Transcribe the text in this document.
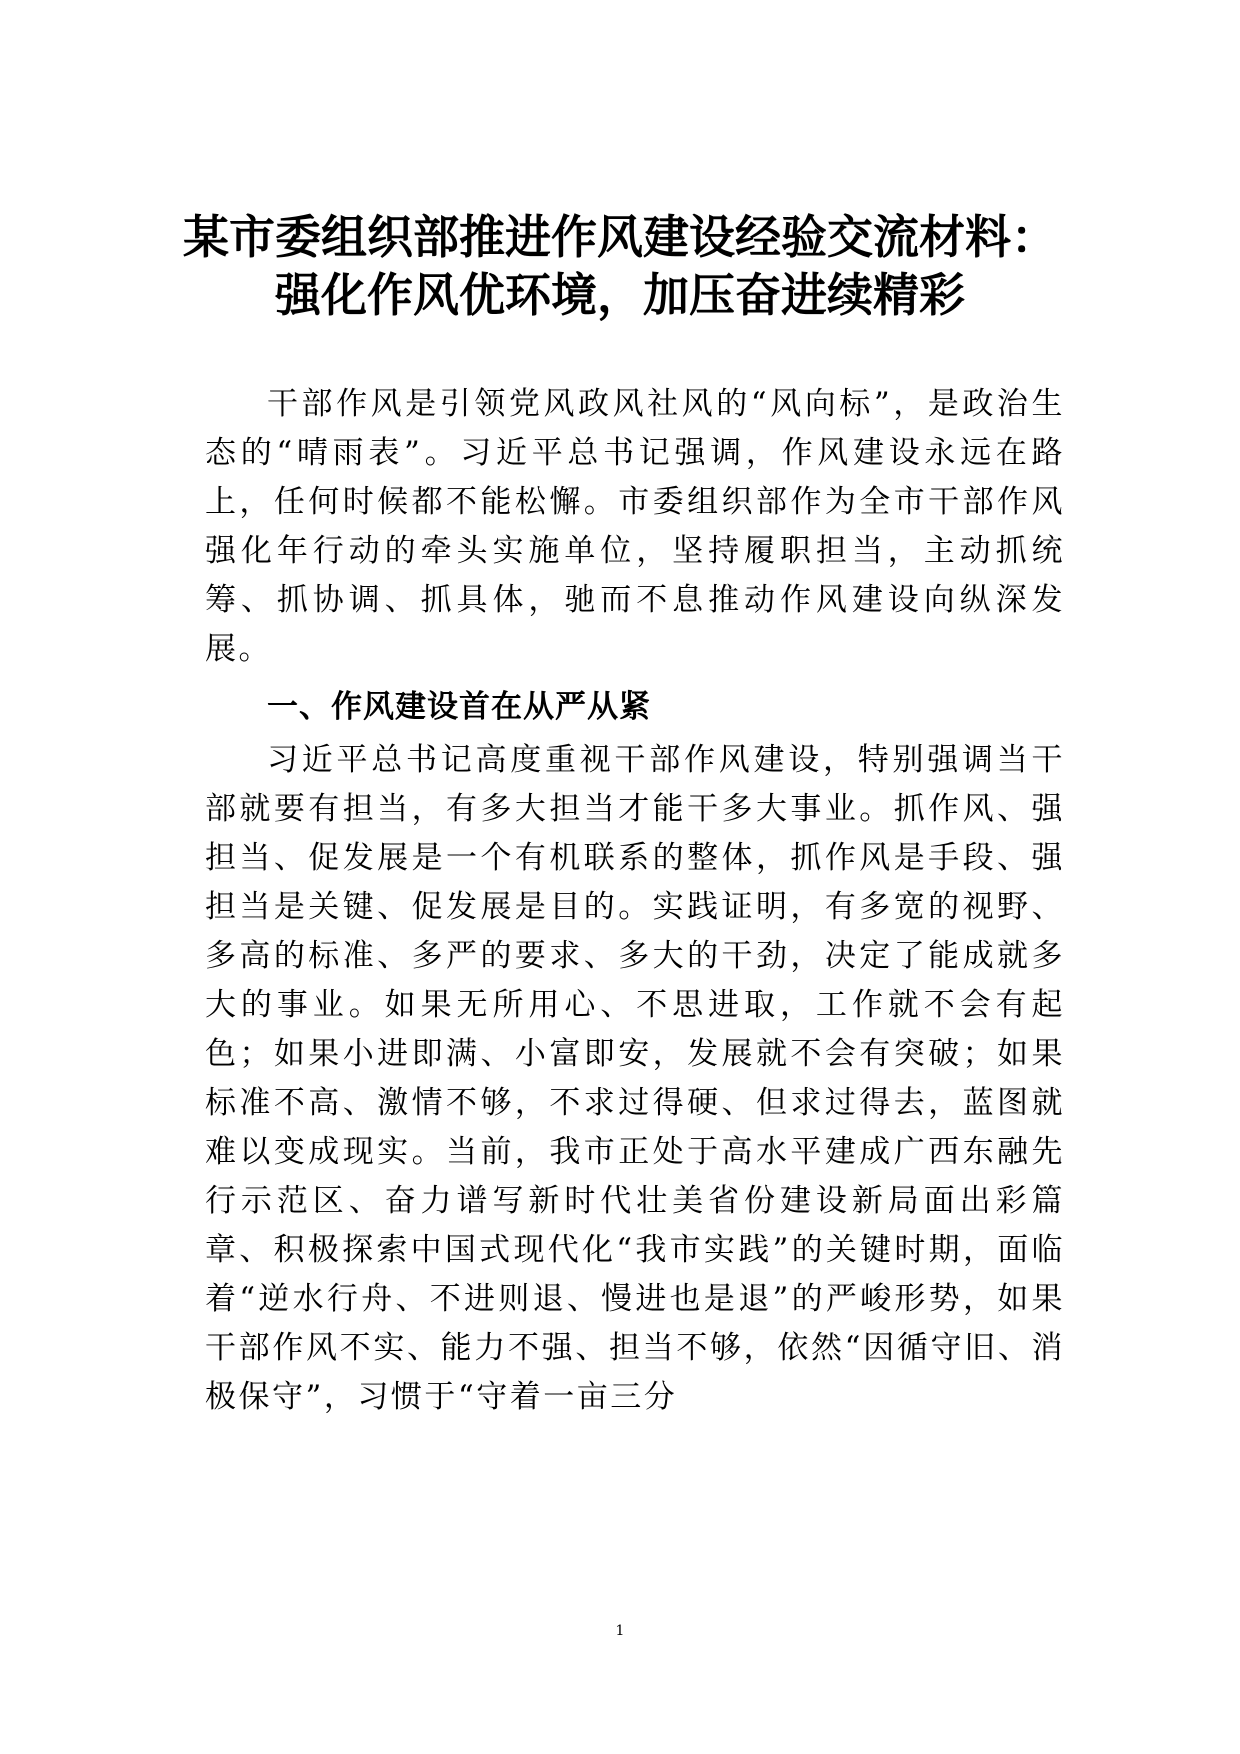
某市委组织部推进作风建设经验交流材料：
强化作风优环境，加压奋进续精彩

干部作风是引领党风政风社风的“风向标”，是政治生态的“晴雨表”。习近平总书记强调，作风建设永远在路上，任何时候都不能松懈。市委组织部作为全市干部作风强化年行动的牵头实施单位，坚持履职担当，主动抓统筹、抓协调、抓具体，驰而不息推动作风建设向纵深发展。

一、作风建设首在从严从紧

习近平总书记高度重视干部作风建设，特别强调当干部就要有担当，有多大担当才能干多大事业。抓作风、强担当、促发展是一个有机联系的整体，抓作风是手段、强担当是关键、促发展是目的。实践证明，有多宽的视野、多高的标准、多严的要求、多大的干劲，决定了能成就多大的事业。如果无所用心、不思进取，工作就不会有起色；如果小进即满、小富即安，发展就不会有突破；如果标准不高、激情不够，不求过得硬、但求过得去，蓝图就难以变成现实。当前，我市正处于高水平建成广西东融先行示范区、奋力谱写新时代壮美省份建设新局面出彩篇章、积极探索中国式现代化“我市实践”的关键时期，面临着“逆水行舟、不进则退、慢进也是退”的严峻形势，如果干部作风不实、能力不强、担当不够，依然“因循守旧、消极保守”，习惯于“守着一亩三分

1
